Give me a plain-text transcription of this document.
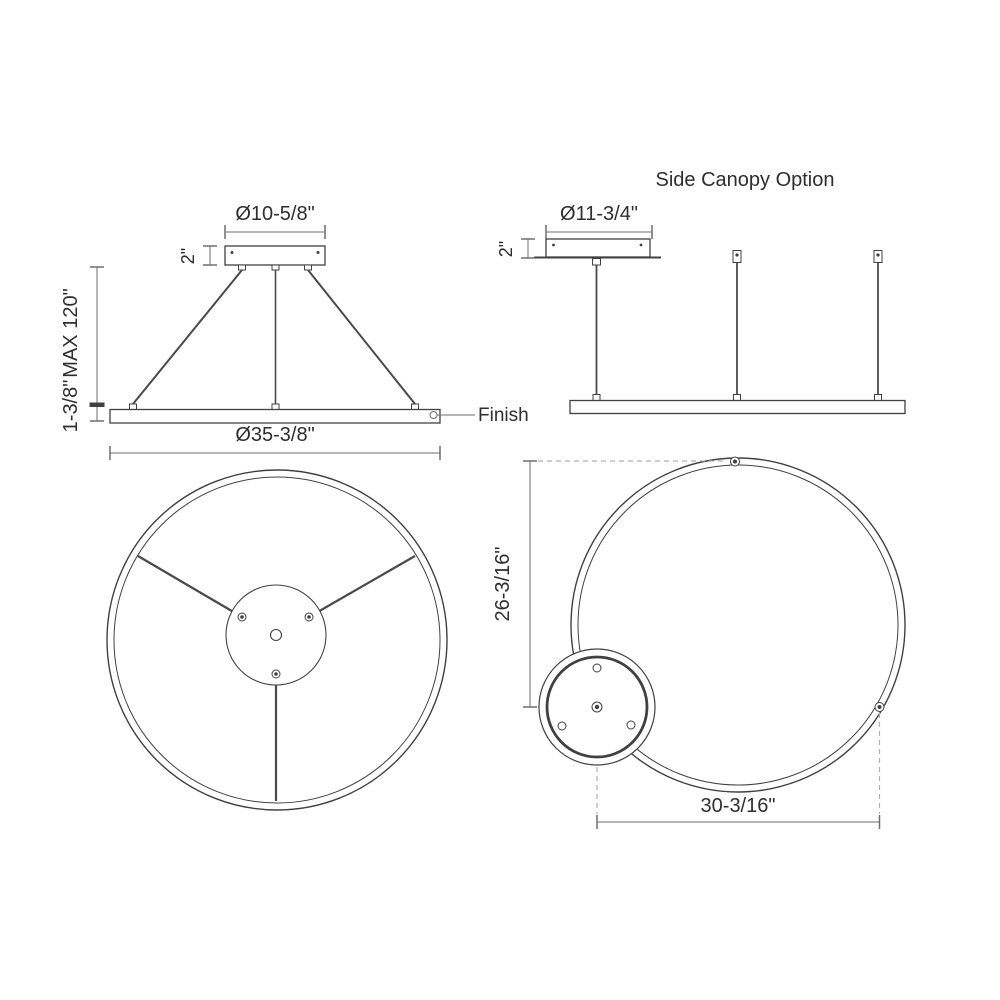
Ø10-5/8"
2"
Finish
MAX 120"
1-3/8"
Ø35-3/8"
Side Canopy Option
Ø11-3/4"
2"
26-3/16"
30-3/16"
